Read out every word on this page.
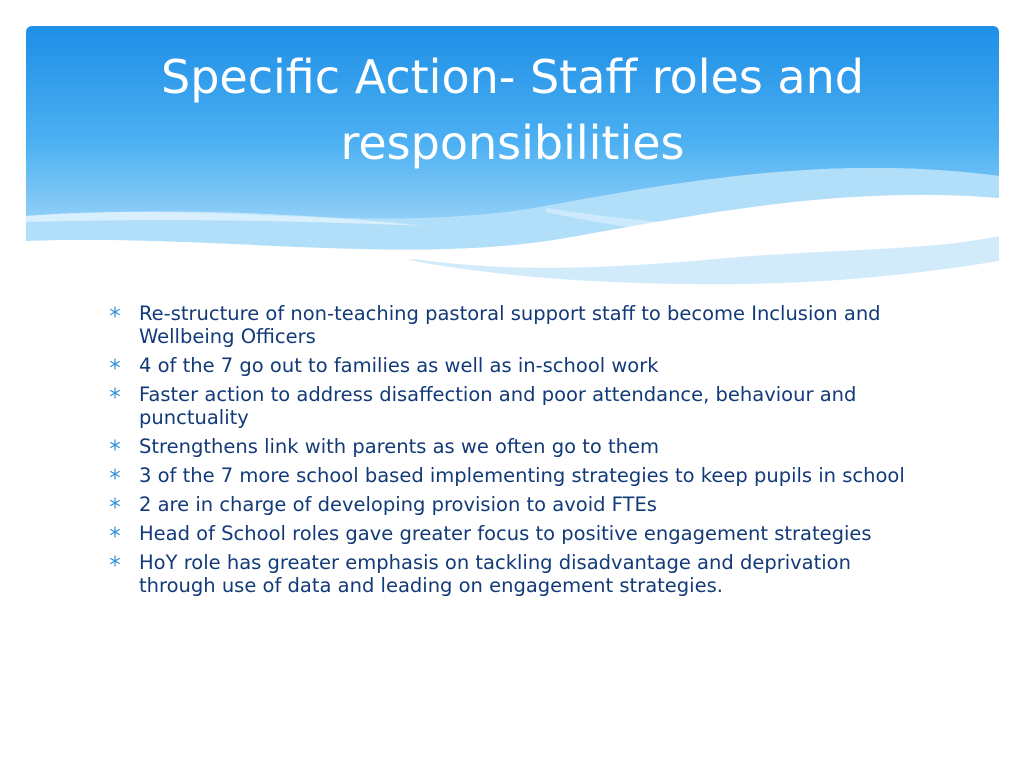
Specific Action- Staff roles and responsibilities
Re-structure of non-teaching pastoral support staff to become Inclusion and Wellbeing Officers
4 of the 7 go out to families as well as in-school work
Faster action to address disaffection and poor attendance, behaviour and punctuality
Strengthens link with parents as we often go to them
3 of the 7 more school based implementing strategies to keep pupils in school
2 are in charge of developing provision to avoid FTEs
Head of School roles gave greater focus to positive engagement strategies
HoY role has greater emphasis on tackling disadvantage and deprivation through use of data and leading on engagement strategies.
